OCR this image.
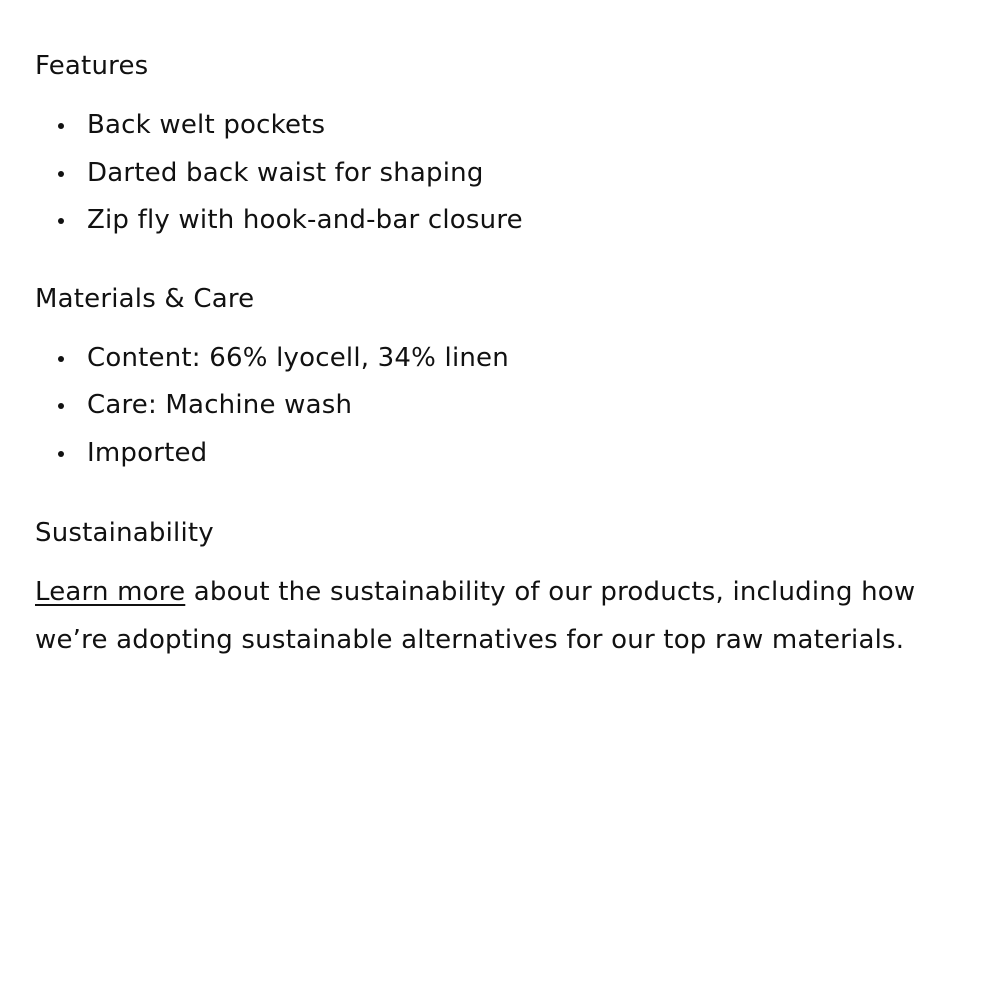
Features
Back welt pockets
Darted back waist for shaping
Zip fly with hook-and-bar closure
Materials & Care
Content: 66% lyocell, 34% linen
Care: Machine wash
Imported
Sustainability

Learn more about the sustainability of our products, including how we’re adopting sustainable alternatives for our top raw materials.
